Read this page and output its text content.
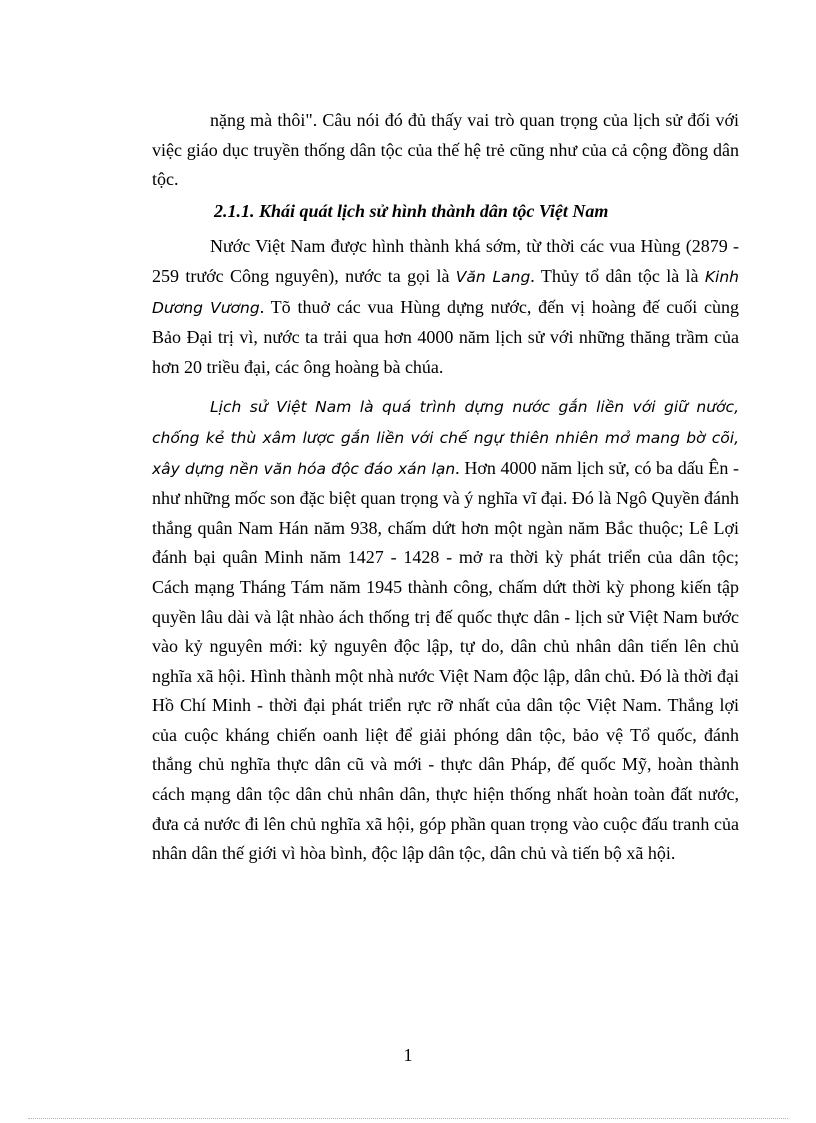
nặng mà thôi". Câu nói đó đủ thấy vai trò quan trọng của lịch sử đối với việc giáo dục truyền thống dân tộc của thế hệ trẻ cũng như của cả cộng đồng dân tộc.

2.1.1. Khái quát lịch sử hình thành dân tộc Việt Nam

Nước Việt Nam được hình thành khá sớm, từ thời các vua Hùng (2879 - 259 trước Công nguyên), nước ta gọi là Văn Lang. Thủy tổ dân tộc là là Kinh Dương Vương. Tõ thuở các vua Hùng dựng nước, đến vị hoàng đế cuối cùng Bảo Đại trị vì, nước ta trải qua hơn 4000 năm lịch sử với những thăng trầm của hơn 20 triều đại, các ông hoàng bà chúa.

Lịch sử Việt Nam là quá trình dựng nước gắn liền với giữ nước, chống kẻ thù xâm lược gắn liền với chế ngự thiên nhiên mở mang bờ cõi, xây dựng nền văn hóa độc đáo xán lạn. Hơn 4000 năm lịch sử, có ba dấu Ên - như những mốc son đặc biệt quan trọng và ý nghĩa vĩ đại. Đó là Ngô Quyền đánh thắng quân Nam Hán năm 938, chấm dứt hơn một ngàn năm Bắc thuộc; Lê Lợi đánh bại quân Minh năm 1427 - 1428 - mở ra thời kỳ phát triển của dân tộc; Cách mạng Tháng Tám năm 1945 thành công, chấm dứt thời kỳ phong kiến tập quyền lâu dài và lật nhào ách thống trị đế quốc thực dân - lịch sử Việt Nam bước vào kỷ nguyên mới: kỷ nguyên độc lập, tự do, dân chủ nhân dân tiến lên chủ nghĩa xã hội. Hình thành một nhà nước Việt Nam độc lập, dân chủ. Đó là thời đại Hồ Chí Minh - thời đại phát triển rực rỡ nhất của dân tộc Việt Nam. Thắng lợi của cuộc kháng chiến oanh liệt để giải phóng dân tộc, bảo vệ Tổ quốc, đánh thắng chủ nghĩa thực dân cũ và mới - thực dân Pháp, đế quốc Mỹ, hoàn thành cách mạng dân tộc dân chủ nhân dân, thực hiện thống nhất hoàn toàn đất nước, đưa cả nước đi lên chủ nghĩa xã hội, góp phần quan trọng vào cuộc đấu tranh của nhân dân thế giới vì hòa bình, độc lập dân tộc, dân chủ và tiến bộ xã hội.

1
